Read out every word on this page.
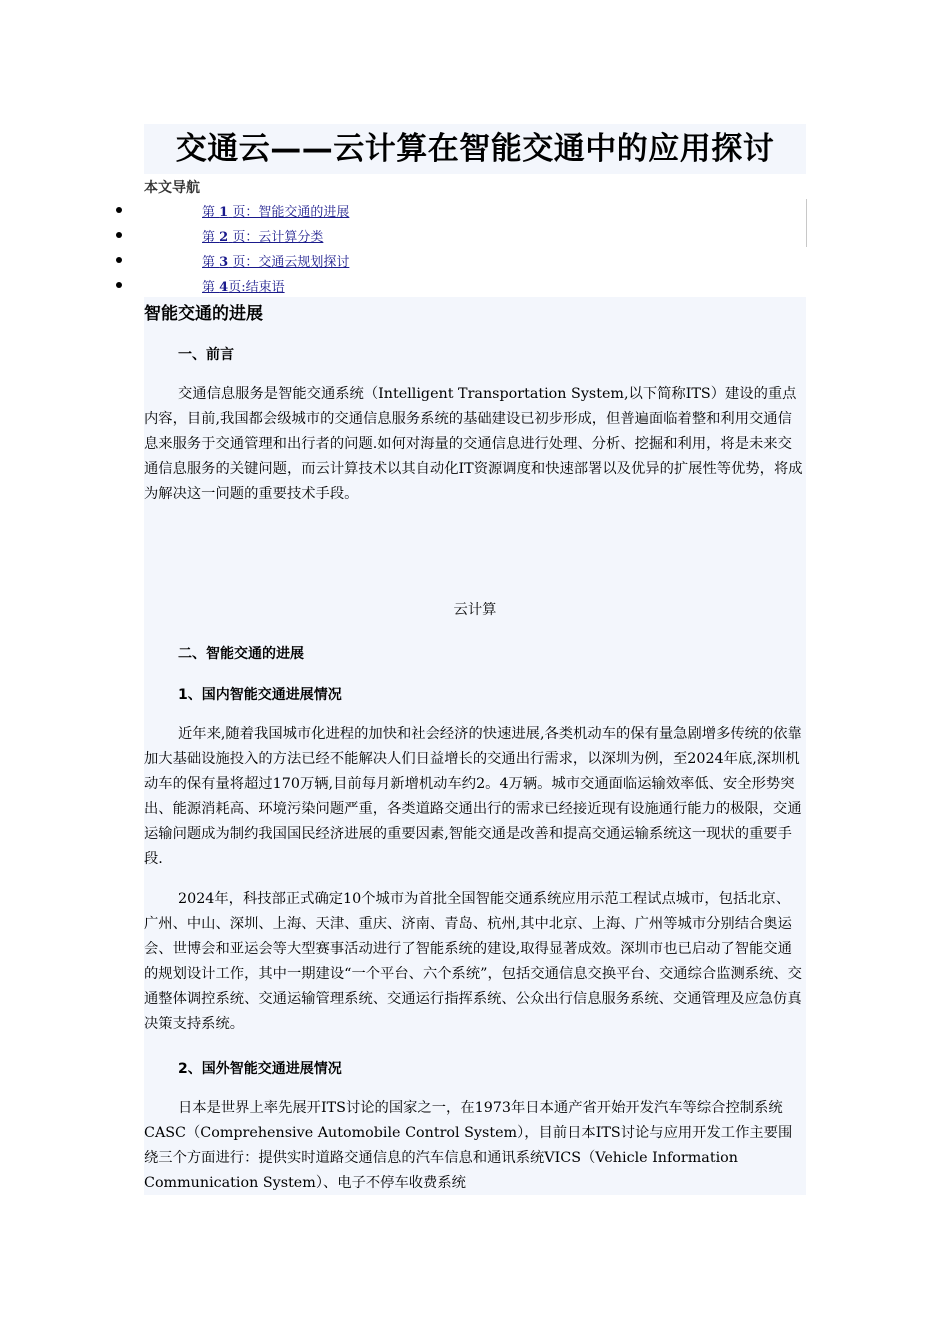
交通云——云计算在智能交通中的应用探讨
本文导航
第 1 页：智能交通的进展
第 2 页：云计算分类
第 3 页：交通云规划探讨
第 4页:结束语
智能交通的进展
一、前言

交通信息服务是智能交通系统（Intelligent Transportation System,以下简称ITS）建设的重点内容，目前,我国都会级城市的交通信息服务系统的基础建设已初步形成，但普遍面临着整和利用交通信息来服务于交通管理和出行者的问题.如何对海量的交通信息进行处理、分析、挖掘和利用，将是未来交通信息服务的关键问题，而云计算技术以其自动化IT资源调度和快速部署以及优异的扩展性等优势，将成为解决这一问题的重要技术手段。

云计算
二、智能交通的进展
1、国内智能交通进展情况

近年来,随着我国城市化进程的加快和社会经济的快速进展,各类机动车的保有量急剧增多传统的依靠加大基础设施投入的方法已经不能解决人们日益增长的交通出行需求，以深圳为例，至2024年底,深圳机动车的保有量将超过170万辆,目前每月新增机动车约2。4万辆。城市交通面临运输效率低、安全形势突出、能源消耗高、环境污染问题严重，各类道路交通出行的需求已经接近现有设施通行能力的极限，交通运输问题成为制约我国国民经济进展的重要因素,智能交通是改善和提高交通运输系统这一现状的重要手段.

2024年，科技部正式确定10个城市为首批全国智能交通系统应用示范工程试点城市，包括北京、　广州、中山、深圳、上海、天津、重庆、济南、青岛、杭州,其中北京、上海、广州等城市分别结合奥运会、世博会和亚运会等大型赛事活动进行了智能系统的建设,取得显著成效。深圳市也已启动了智能交通的规划设计工作，其中一期建设“一个平台、六个系统”，包括交通信息交换平台、交通综合监测系统、交通整体调控系统、交通运输管理系统、交通运行指挥系统、公众出行信息服务系统、交通管理及应急仿真决策支持系统。

2、国外智能交通进展情况

日本是世界上率先展开ITS讨论的国家之一，在1973年日本通产省开始开发汽车等综合控制系统CASC（Comprehensive Automobile Control System），目前日本ITS讨论与应用开发工作主要围绕三个方面进行：提供实时道路交通信息的汽车信息和通讯系统VICS（Vehicle Information Communication System）、电子不停车收费系统
